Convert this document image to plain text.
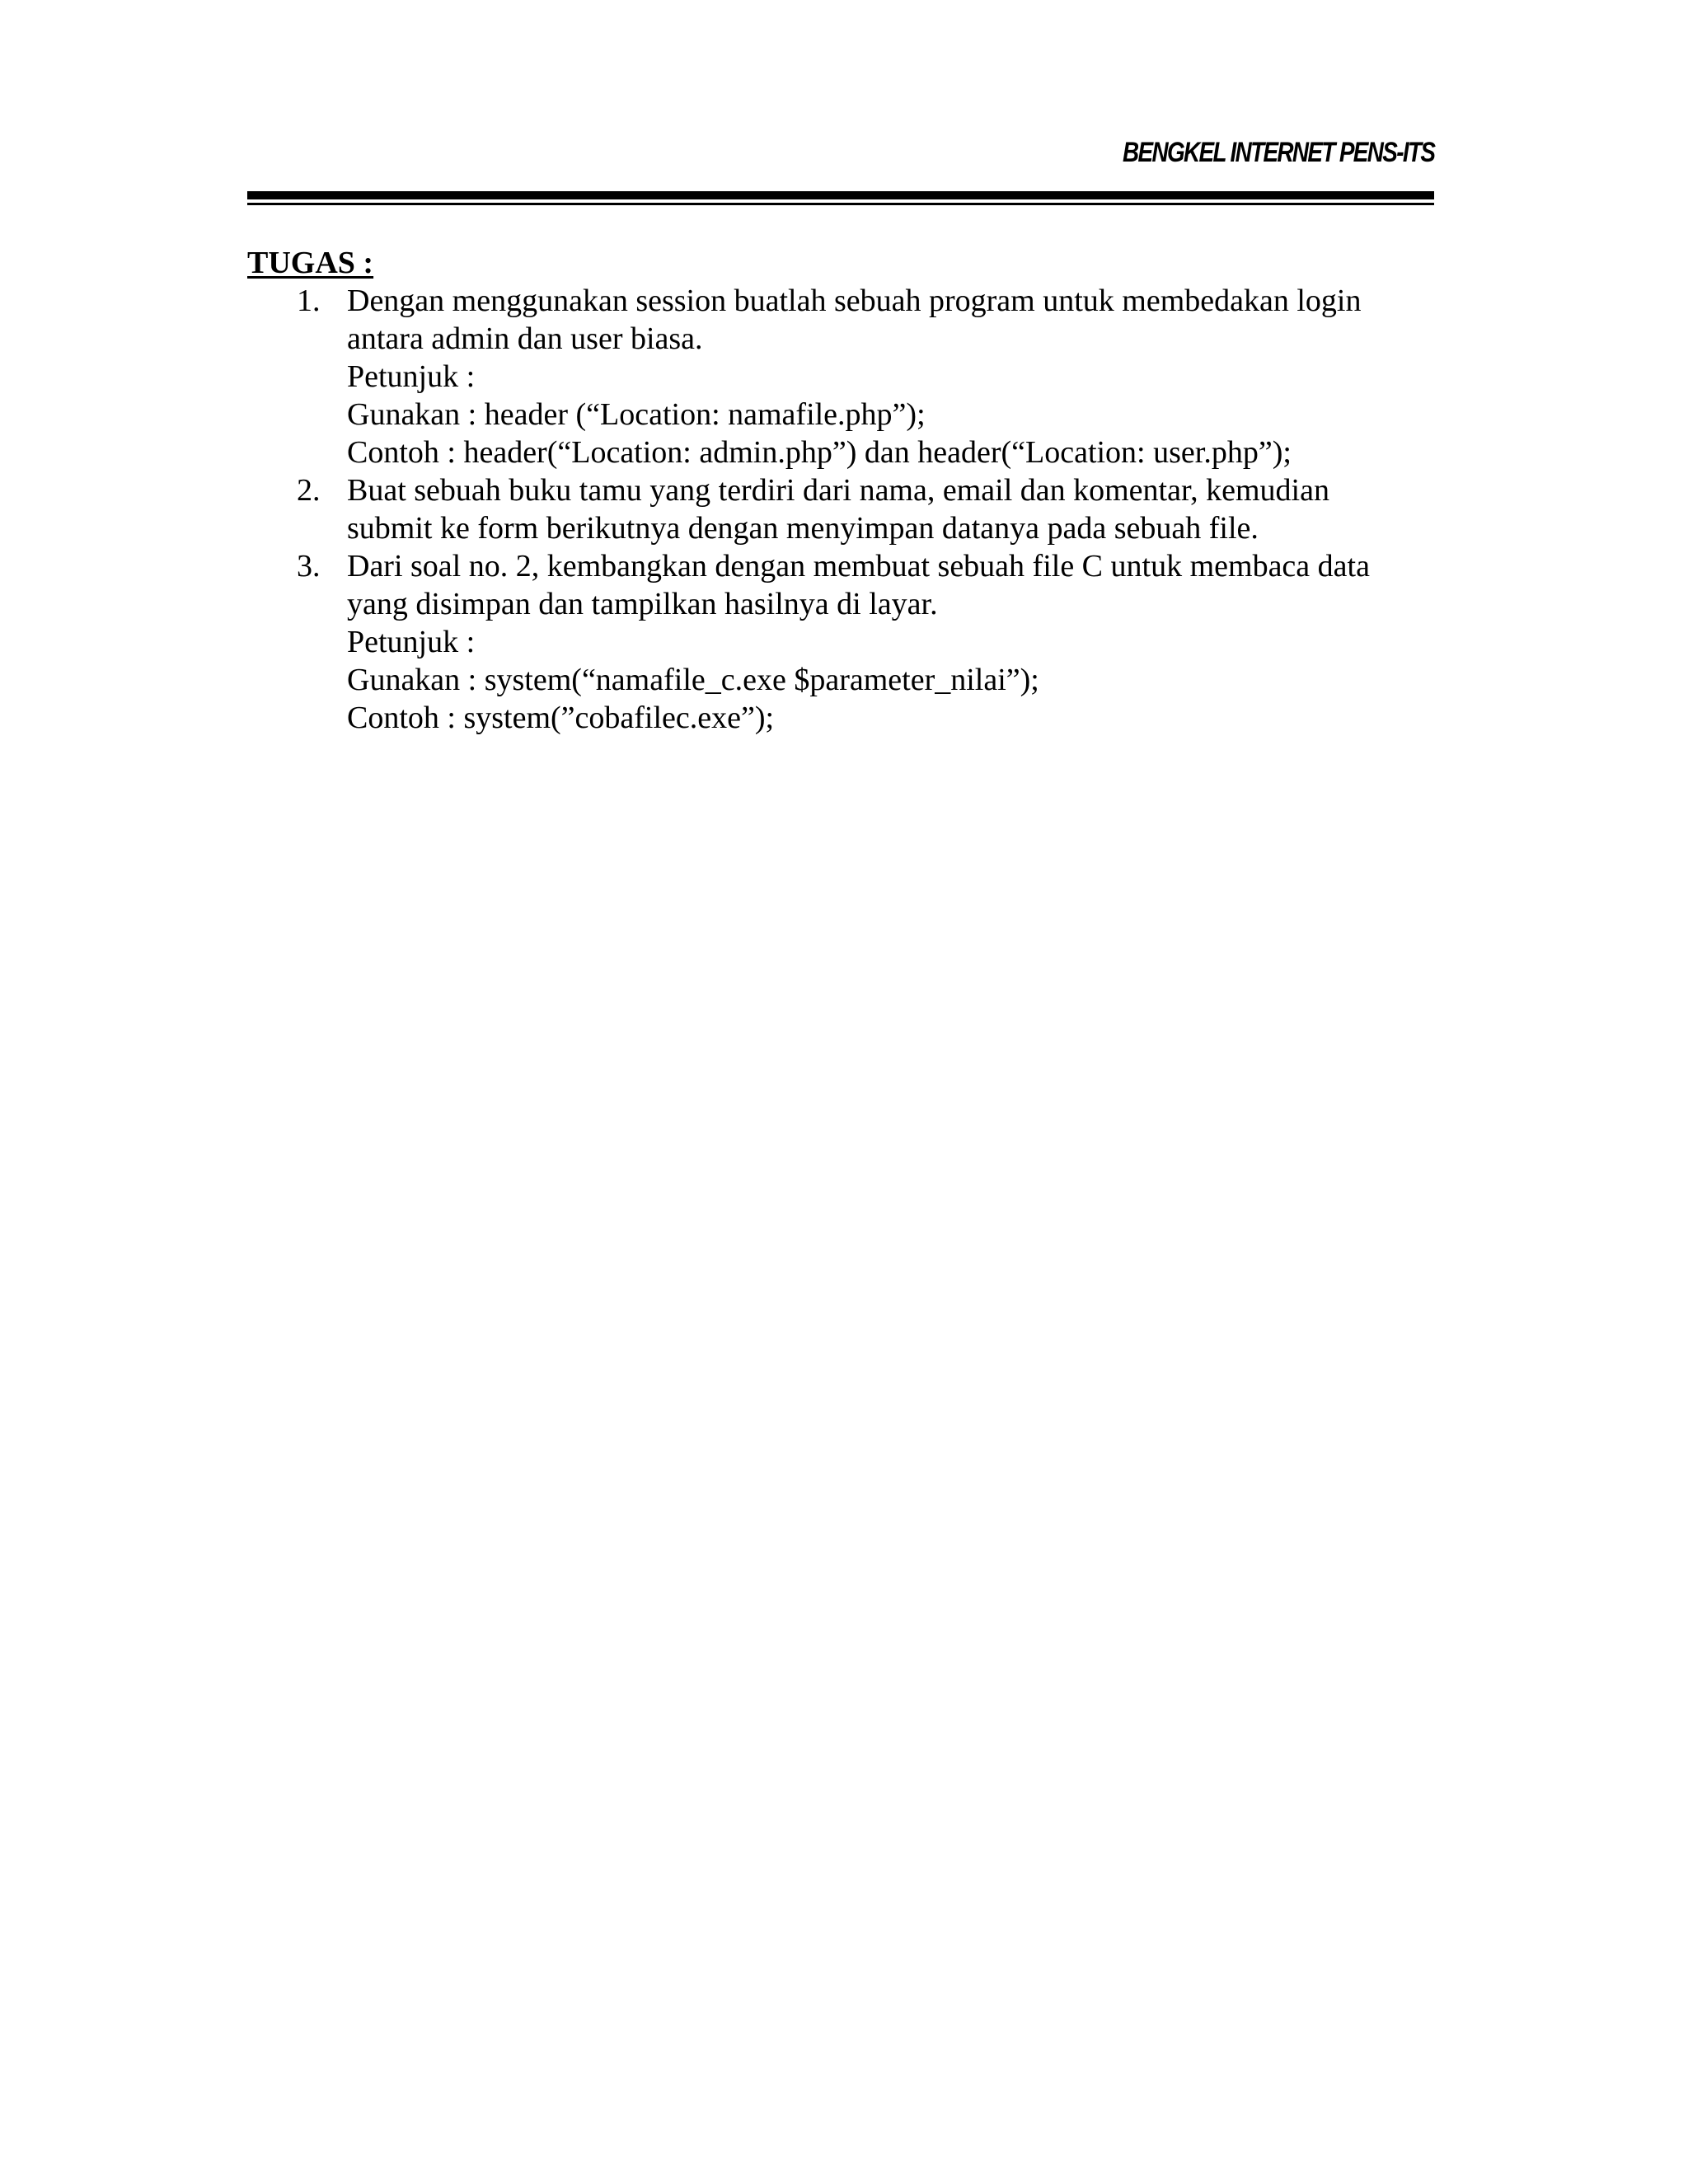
BENGKEL INTERNET PENS-ITS
TUGAS :
1. Dengan menggunakan session buatlah sebuah program untuk membedakan login
antara admin dan user biasa.
Petunjuk :
Gunakan : header (“Location: namafile.php”);
Contoh : header(“Location: admin.php”) dan header(“Location: user.php”);
2. Buat sebuah buku tamu yang terdiri dari nama, email dan komentar, kemudian
submit ke form berikutnya dengan menyimpan datanya pada sebuah file.
3. Dari soal no. 2, kembangkan dengan membuat sebuah file C untuk membaca data
yang disimpan dan tampilkan hasilnya di layar.
Petunjuk :
Gunakan : system(“namafile_c.exe $parameter_nilai”);
Contoh : system(”cobafilec.exe”);
